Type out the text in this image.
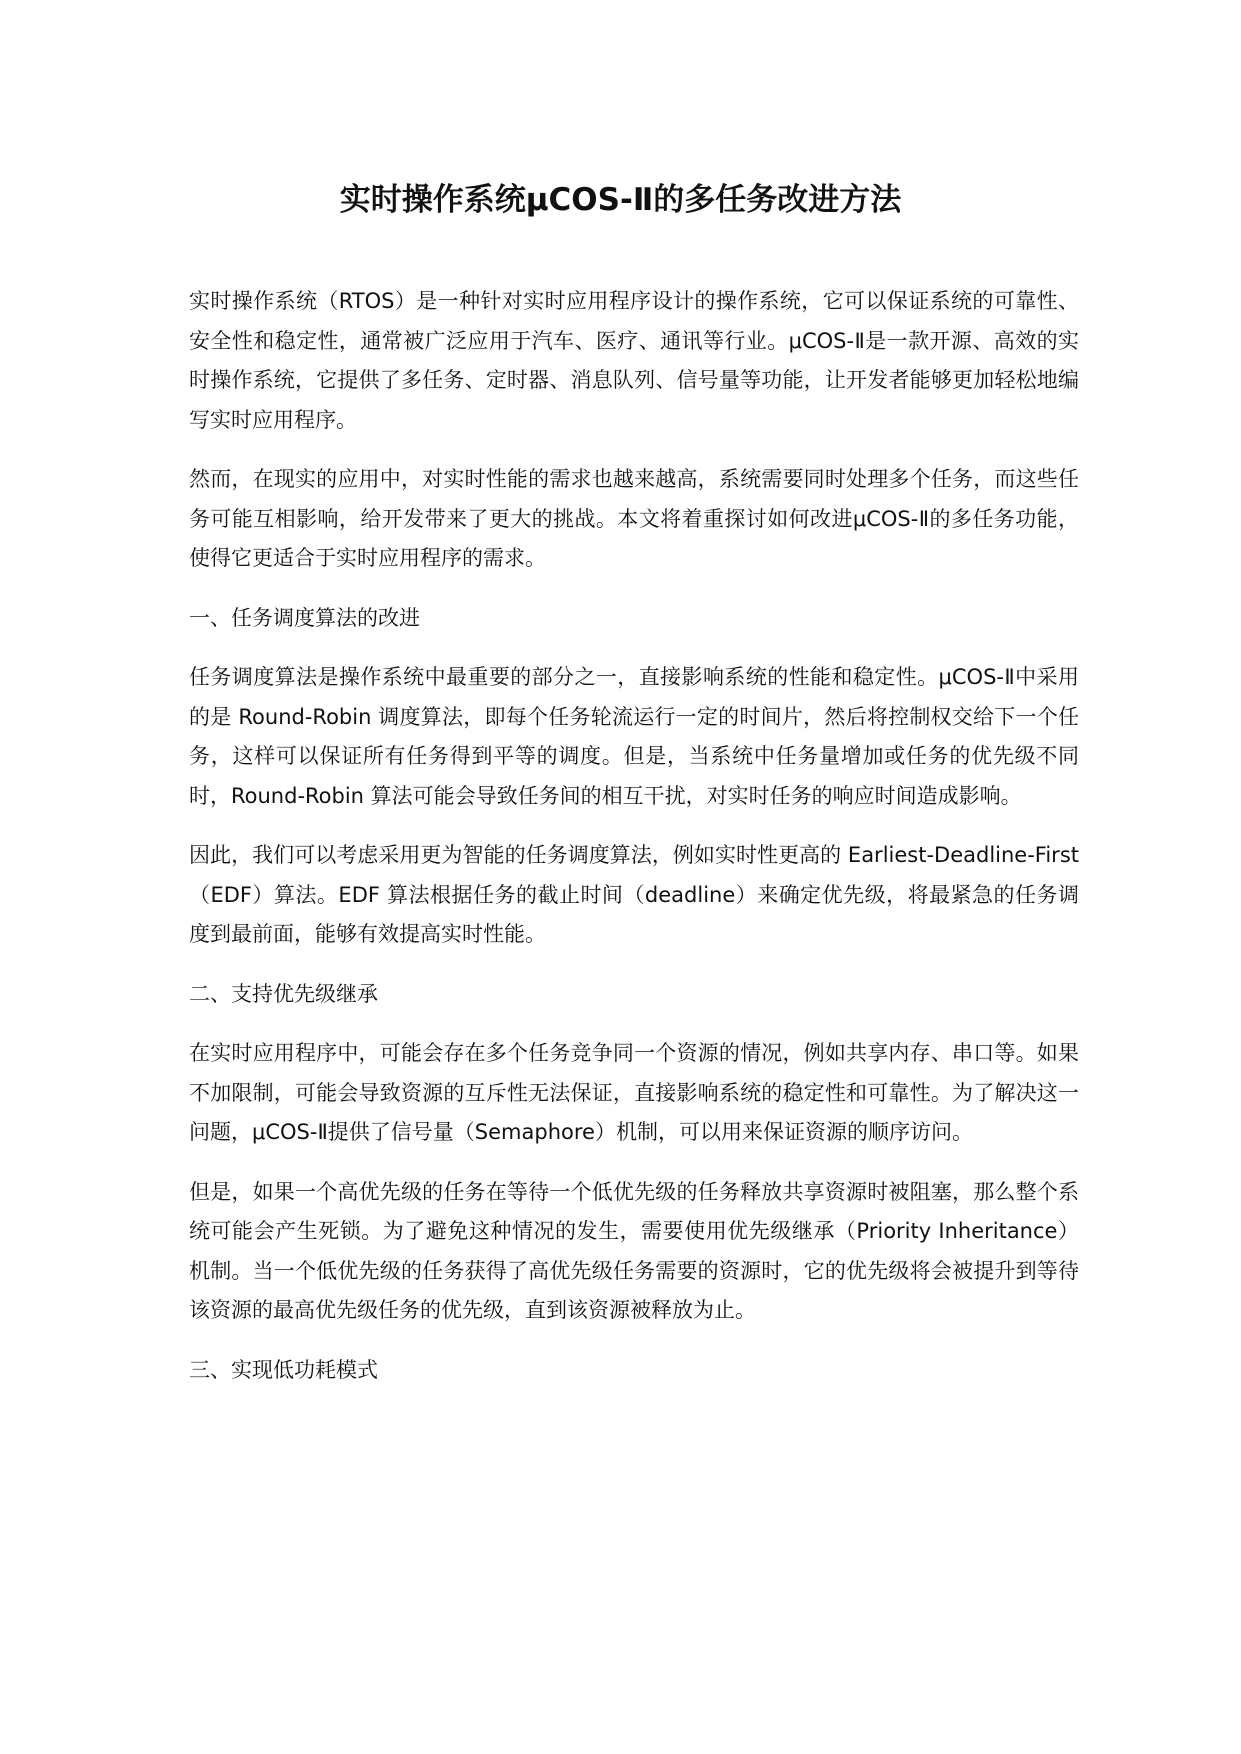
实时操作系统μCOS-Ⅱ的多任务改进方法

实时操作系统（RTOS）是一种针对实时应用程序设计的操作系统，它可以保证系统的可靠性、安全性和稳定性，通常被广泛应用于汽车、医疗、通讯等行业。μCOS-Ⅱ是一款开源、高效的实时操作系统，它提供了多任务、定时器、消息队列、信号量等功能，让开发者能够更加轻松地编写实时应用程序。

然而，在现实的应用中，对实时性能的需求也越来越高，系统需要同时处理多个任务，而这些任务可能互相影响，给开发带来了更大的挑战。本文将着重探讨如何改进μCOS-Ⅱ的多任务功能，使得它更适合于实时应用程序的需求。

一、任务调度算法的改进

任务调度算法是操作系统中最重要的部分之一，直接影响系统的性能和稳定性。μCOS-Ⅱ中采用的是 Round-Robin 调度算法，即每个任务轮流运行一定的时间片，然后将控制权交给下一个任务，这样可以保证所有任务得到平等的调度。但是，当系统中任务量增加或任务的优先级不同时，Round-Robin 算法可能会导致任务间的相互干扰，对实时任务的响应时间造成影响。

因此，我们可以考虑采用更为智能的任务调度算法，例如实时性更高的 Earliest-Deadline-First（EDF）算法。EDF 算法根据任务的截止时间（deadline）来确定优先级，将最紧急的任务调度到最前面，能够有效提高实时性能。

二、支持优先级继承

在实时应用程序中，可能会存在多个任务竞争同一个资源的情况，例如共享内存、串口等。如果不加限制，可能会导致资源的互斥性无法保证，直接影响系统的稳定性和可靠性。为了解决这一问题，μCOS-Ⅱ提供了信号量（Semaphore）机制，可以用来保证资源的顺序访问。

但是，如果一个高优先级的任务在等待一个低优先级的任务释放共享资源时被阻塞，那么整个系统可能会产生死锁。为了避免这种情况的发生，需要使用优先级继承（Priority Inheritance）机制。当一个低优先级的任务获得了高优先级任务需要的资源时，它的优先级将会被提升到等待该资源的最高优先级任务的优先级，直到该资源被释放为止。

三、实现低功耗模式
